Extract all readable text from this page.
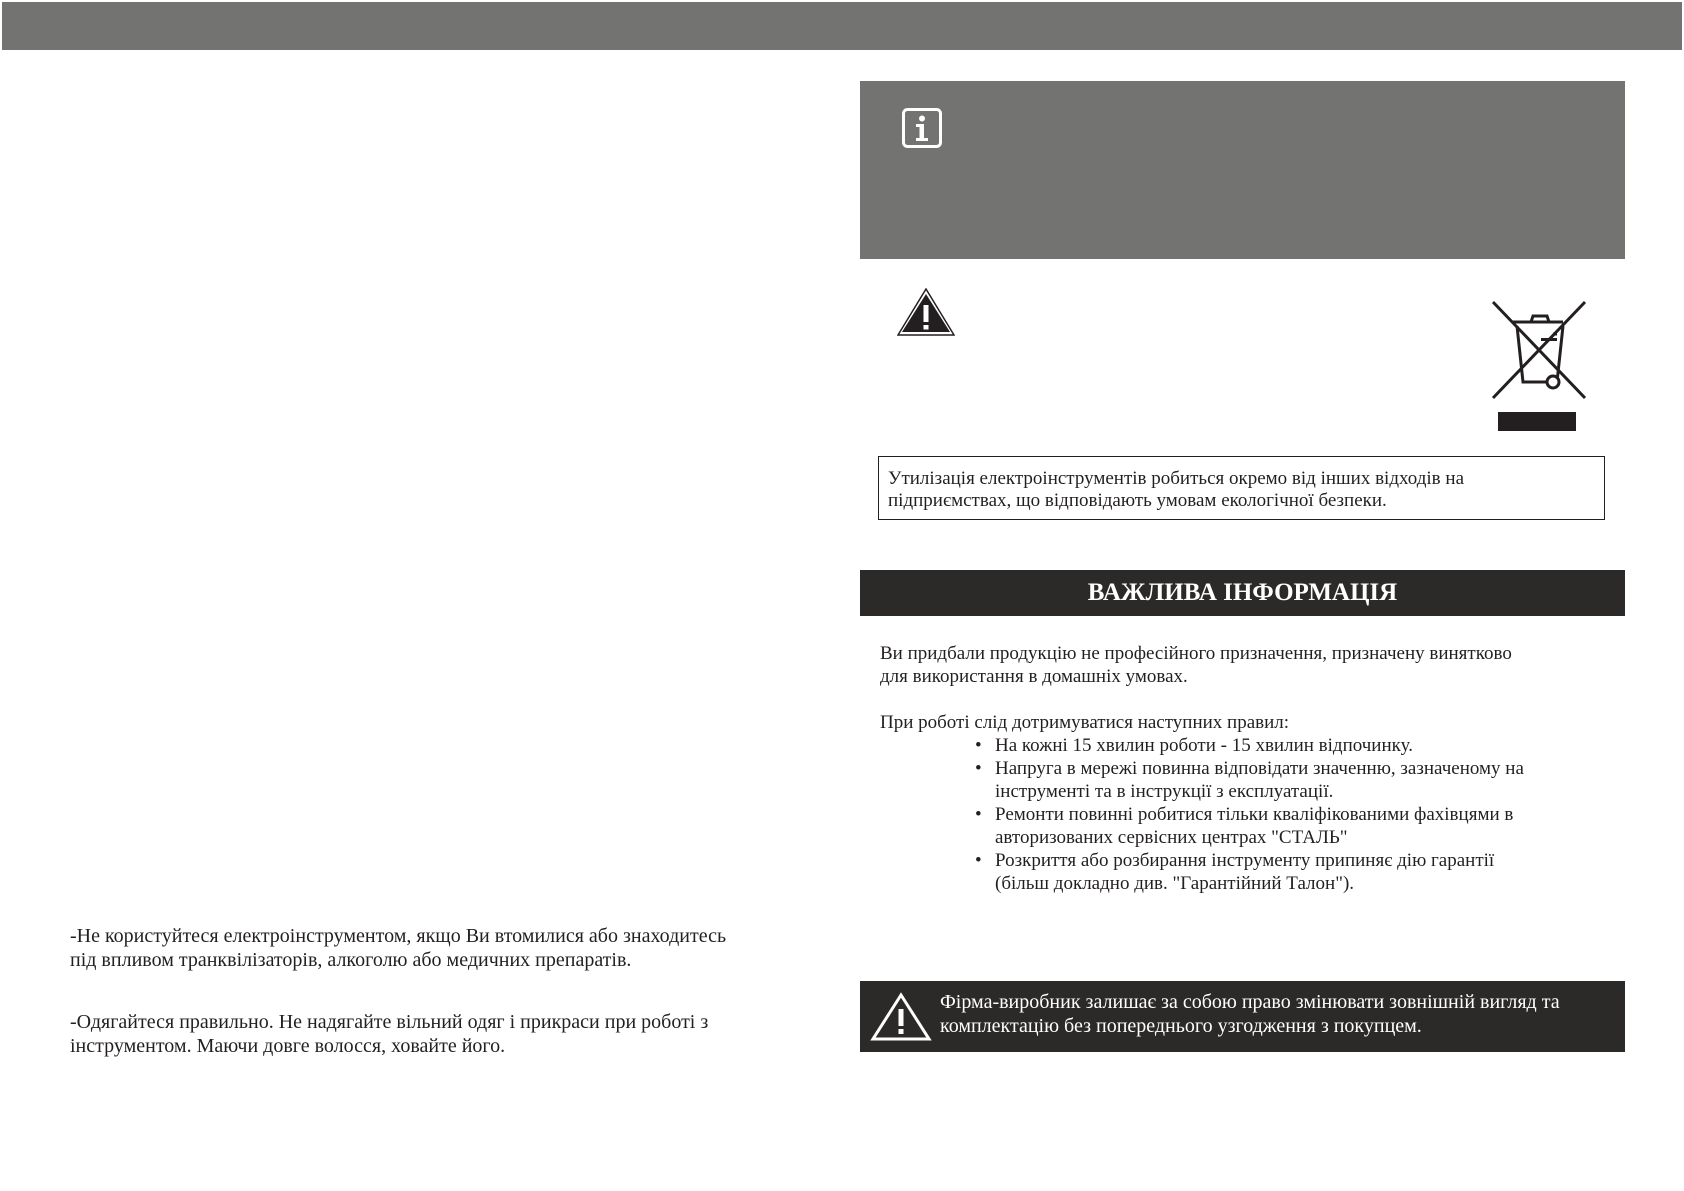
-Не користуйтеся електроінструментом, якщо Ви втомилися або знаходитесь

під впливом транквілізаторів, алкоголю або медичних препаратів.

-Одягайтеся правильно. Не надягайте вільний одяг і прикраси при роботі з

інструментом. Маючи довге волосся, ховайте його.

Утилізація електроінструментів робиться окремо від інших відходів на

підприємствах, що відповідають умовам екологічної безпеки.

ВАЖЛИВА ІНФОРМАЦІЯ

Ви придбали продукцію не професійного призначення, призначену винятково

для використання в домашніх умовах.

При роботі слід дотримуватися наступних правил:

• На кожні 15 хвилин роботи - 15 хвилин відпочинку.
• Напруга в мережі повинна відповідати значенню, зазначеному на
інструменті та в інструкції з експлуатації.
• Ремонти повинні робитися тільки кваліфікованими фахівцями в
авторизованих сервісних центрах "СТАЛЬ"
• Розкриття або розбирання інструменту припиняє дію гарантії
(більш докладно див. "Гарантійний Талон").
Фірма-виробник залишає за собою право змінювати зовнішній вигляд та
комплектацію без попереднього узгодження з покупцем.
